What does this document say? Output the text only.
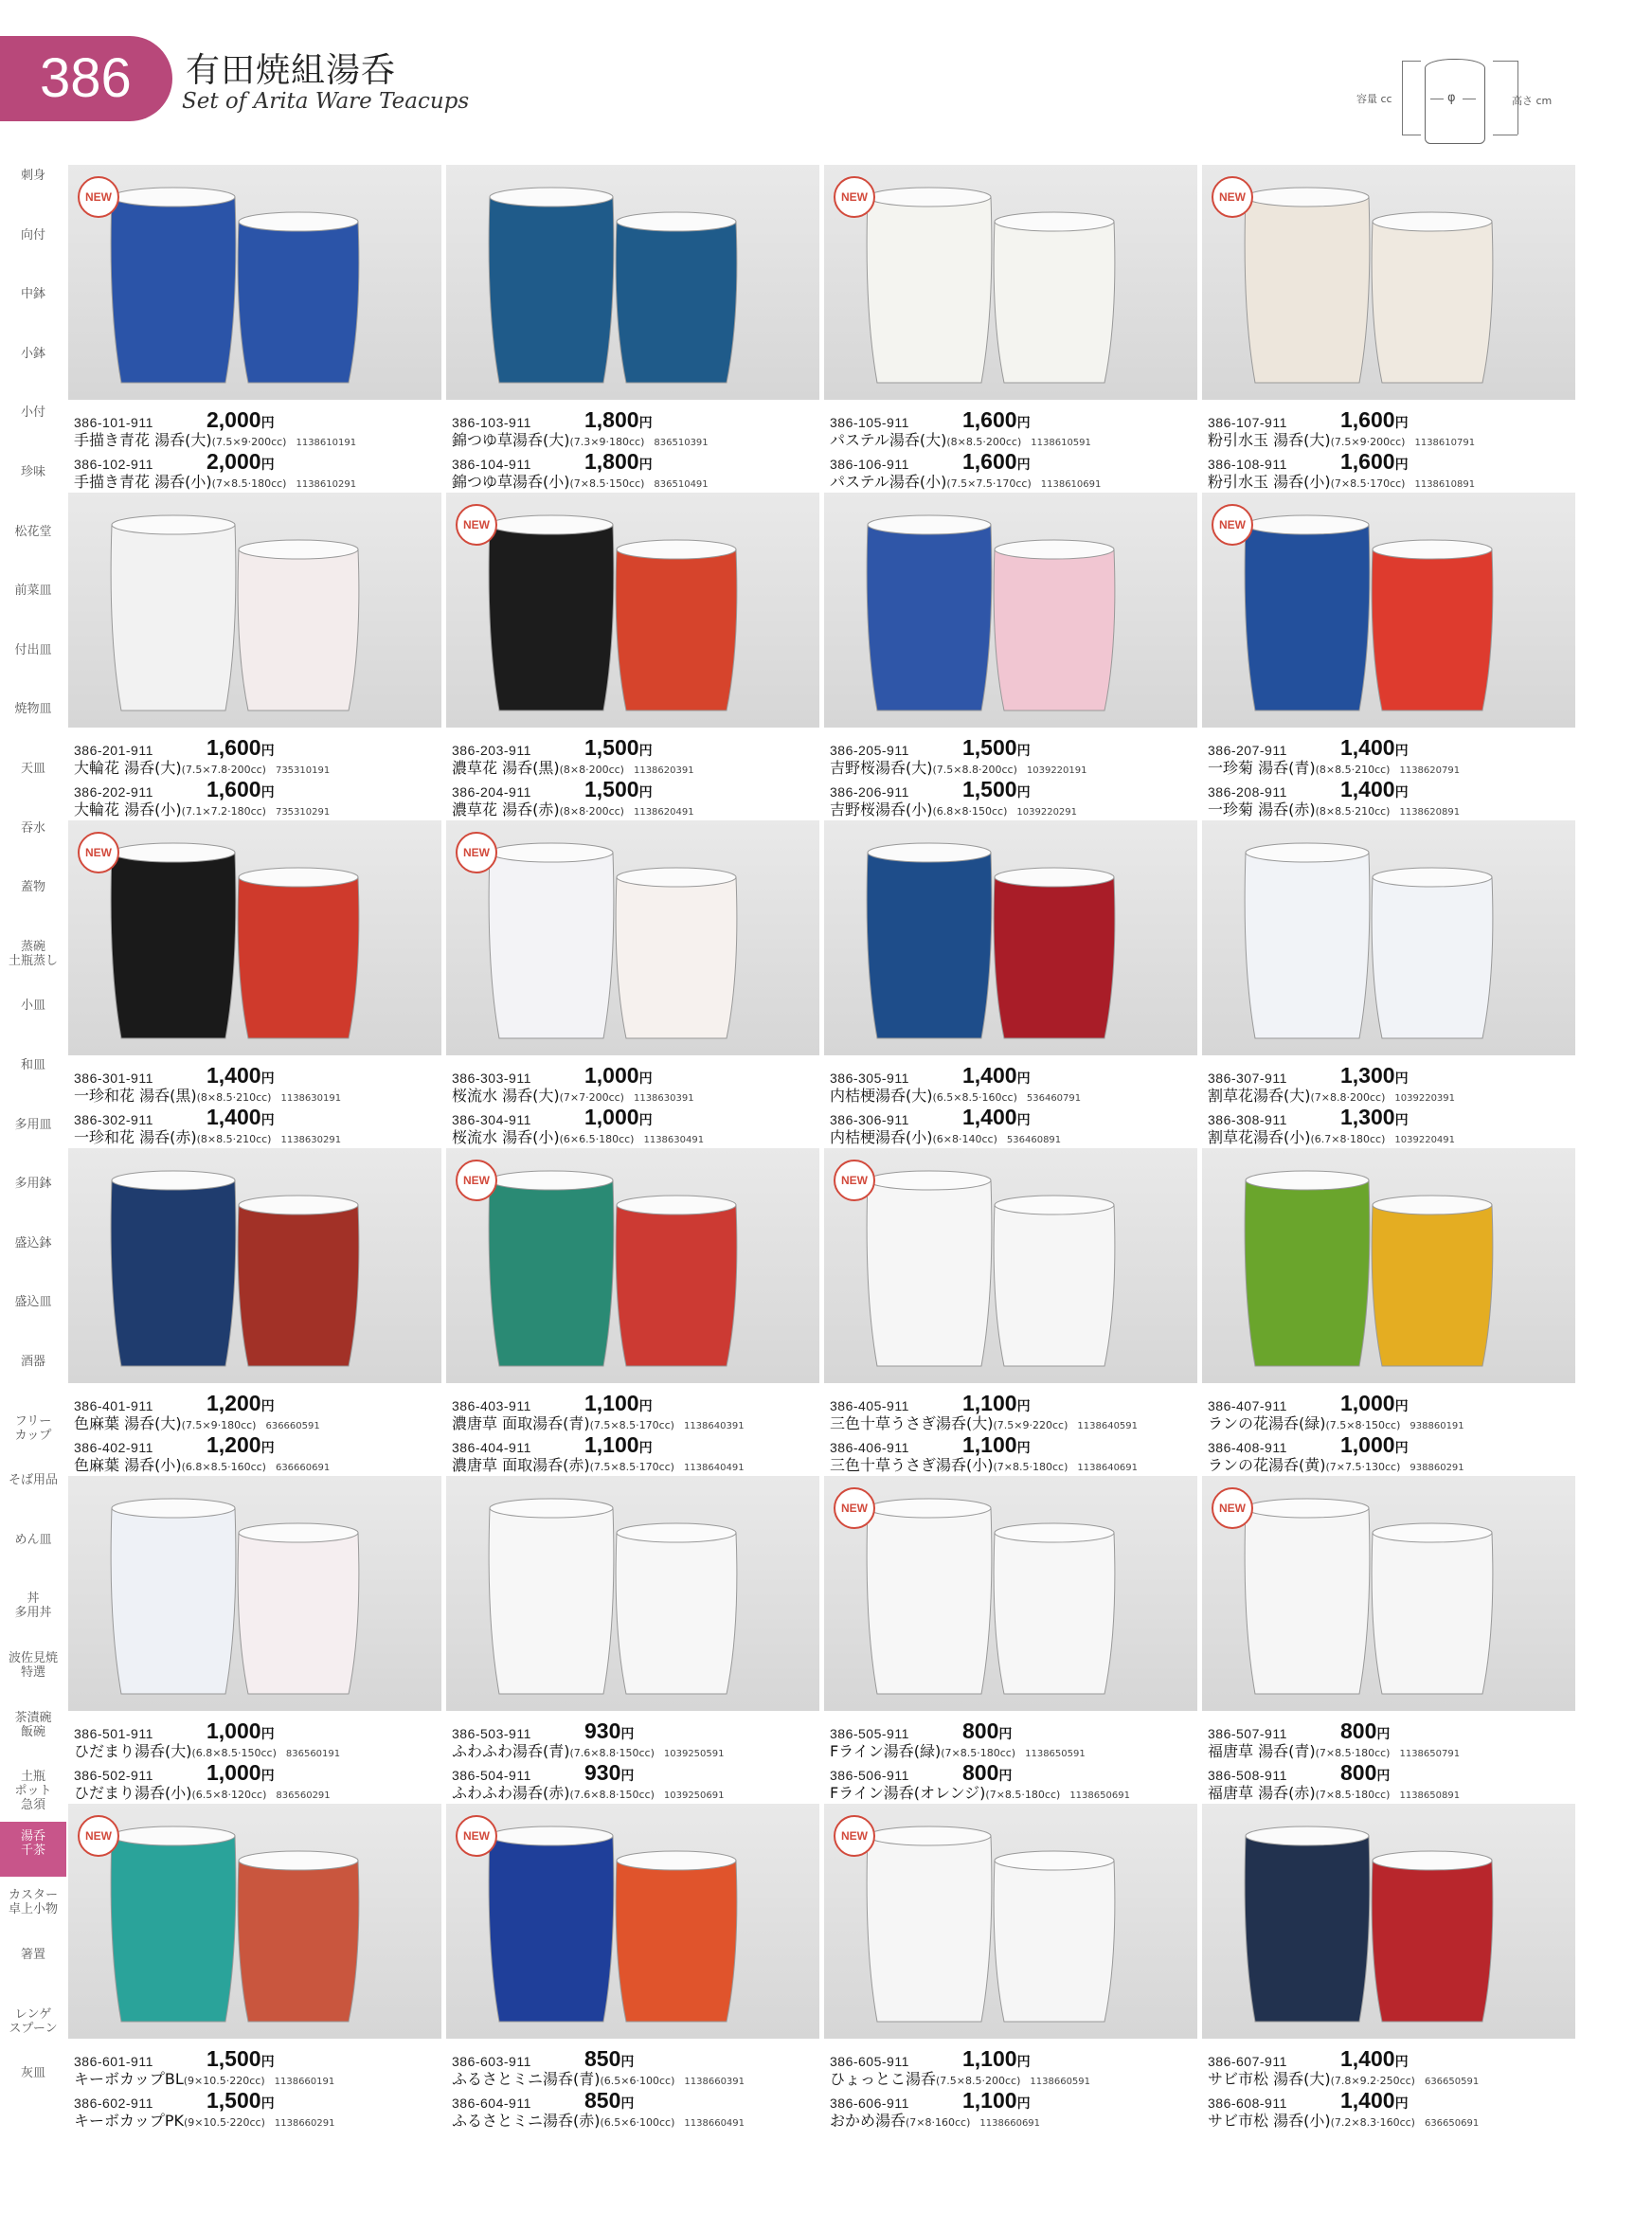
386	有田焼組湯呑
Set of Arita Ware Teacups	容量 cc	φ	高さ cm
刺身
向付
中鉢
小鉢
小付
珍味
松花堂
前菜皿
付出皿
焼物皿
天皿
吞水
蓋物
蒸碗
土瓶蒸し
小皿
和皿
多用皿
多用鉢
盛込鉢
盛込皿
酒器
フリー
カップ
そば用品
めん皿
丼
多用丼
波佐見焼
特選
茶漬碗
飯碗
土瓶
ポット
急須
湯呑
千茶
カスター
卓上小物
箸置
レンゲ
スプーン
灰皿
NEW
386-101-911 2,000円
手描き青花 湯呑(大)(7.5×9·200cc) 1138610191
386-102-911 2,000円
手描き青花 湯呑(小)(7×8.5·180cc) 1138610291
386-103-911 1,800円
錦つゆ草湯呑(大)(7.3×9·180cc) 836510391
386-104-911 1,800円
錦つゆ草湯呑(小)(7×8.5·150cc) 836510491
NEW
386-105-911 1,600円
パステル湯呑(大)(8×8.5·200cc) 1138610591
386-106-911 1,600円
パステル湯呑(小)(7.5×7.5·170cc) 1138610691
NEW
386-107-911 1,600円
粉引水玉 湯呑(大)(7.5×9·200cc) 1138610791
386-108-911 1,600円
粉引水玉 湯呑(小)(7×8.5·170cc) 1138610891
386-201-911 1,600円
大輪花 湯呑(大)(7.5×7.8·200cc) 735310191
386-202-911 1,600円
大輪花 湯呑(小)(7.1×7.2·180cc) 735310291
NEW
386-203-911 1,500円
濃草花 湯呑(黒)(8×8·200cc) 1138620391
386-204-911 1,500円
濃草花 湯呑(赤)(8×8·200cc) 1138620491
386-205-911 1,500円
吉野桜湯呑(大)(7.5×8.8·200cc) 1039220191
386-206-911 1,500円
吉野桜湯呑(小)(6.8×8·150cc) 1039220291
NEW
386-207-911 1,400円
一珍菊 湯呑(青)(8×8.5·210cc) 1138620791
386-208-911 1,400円
一珍菊 湯呑(赤)(8×8.5·210cc) 1138620891
NEW
386-301-911 1,400円
一珍和花 湯呑(黒)(8×8.5·210cc) 1138630191
386-302-911 1,400円
一珍和花 湯呑(赤)(8×8.5·210cc) 1138630291
NEW
386-303-911 1,000円
桜流水 湯呑(大)(7×7·200cc) 1138630391
386-304-911 1,000円
桜流水 湯呑(小)(6×6.5·180cc) 1138630491
386-305-911 1,400円
内桔梗湯呑(大)(6.5×8.5·160cc) 536460791
386-306-911 1,400円
内桔梗湯呑(小)(6×8·140cc) 536460891
386-307-911 1,300円
割草花湯呑(大)(7×8.8·200cc) 1039220391
386-308-911 1,300円
割草花湯呑(小)(6.7×8·180cc) 1039220491
386-401-911 1,200円
色麻葉 湯呑(大)(7.5×9·180cc) 636660591
386-402-911 1,200円
色麻葉 湯呑(小)(6.8×8.5·160cc) 636660691
NEW
386-403-911 1,100円
濃唐草 面取湯呑(青)(7.5×8.5·170cc) 1138640391
386-404-911 1,100円
濃唐草 面取湯呑(赤)(7.5×8.5·170cc) 1138640491
NEW
386-405-911 1,100円
三色十草うさぎ湯呑(大)(7.5×9·220cc) 1138640591
386-406-911 1,100円
三色十草うさぎ湯呑(小)(7×8.5·180cc) 1138640691
386-407-911 1,000円
ランの花湯呑(緑)(7.5×8·150cc) 938860191
386-408-911 1,000円
ランの花湯呑(黄)(7×7.5·130cc) 938860291
386-501-911 1,000円
ひだまり湯呑(大)(6.8×8.5·150cc) 836560191
386-502-911 1,000円
ひだまり湯呑(小)(6.5×8·120cc) 836560291
386-503-911 930円
ふわふわ湯呑(青)(7.6×8.8·150cc) 1039250591
386-504-911 930円
ふわふわ湯呑(赤)(7.6×8.8·150cc) 1039250691
NEW
386-505-911 800円
Fライン湯呑(緑)(7×8.5·180cc) 1138650591
386-506-911 800円
Fライン湯呑(オレンジ)(7×8.5·180cc) 1138650691
NEW
386-507-911 800円
福唐草 湯呑(青)(7×8.5·180cc) 1138650791
386-508-911 800円
福唐草 湯呑(赤)(7×8.5·180cc) 1138650891
NEW
386-601-911 1,500円
キーボカップBL(9×10.5·220cc) 1138660191
386-602-911 1,500円
キーボカップPK(9×10.5·220cc) 1138660291
NEW
386-603-911 850円
ふるさとミニ湯呑(青)(6.5×6·100cc) 1138660391
386-604-911 850円
ふるさとミニ湯呑(赤)(6.5×6·100cc) 1138660491
NEW
386-605-911 1,100円
ひょっとこ湯呑(7.5×8.5·200cc) 1138660591
386-606-911 1,100円
おかめ湯呑(7×8·160cc) 1138660691
386-607-911 1,400円
サビ市松 湯呑(大)(7.8×9.2·250cc) 636650591
386-608-911 1,400円
サビ市松 湯呑(小)(7.2×8.3·160cc) 636650691
